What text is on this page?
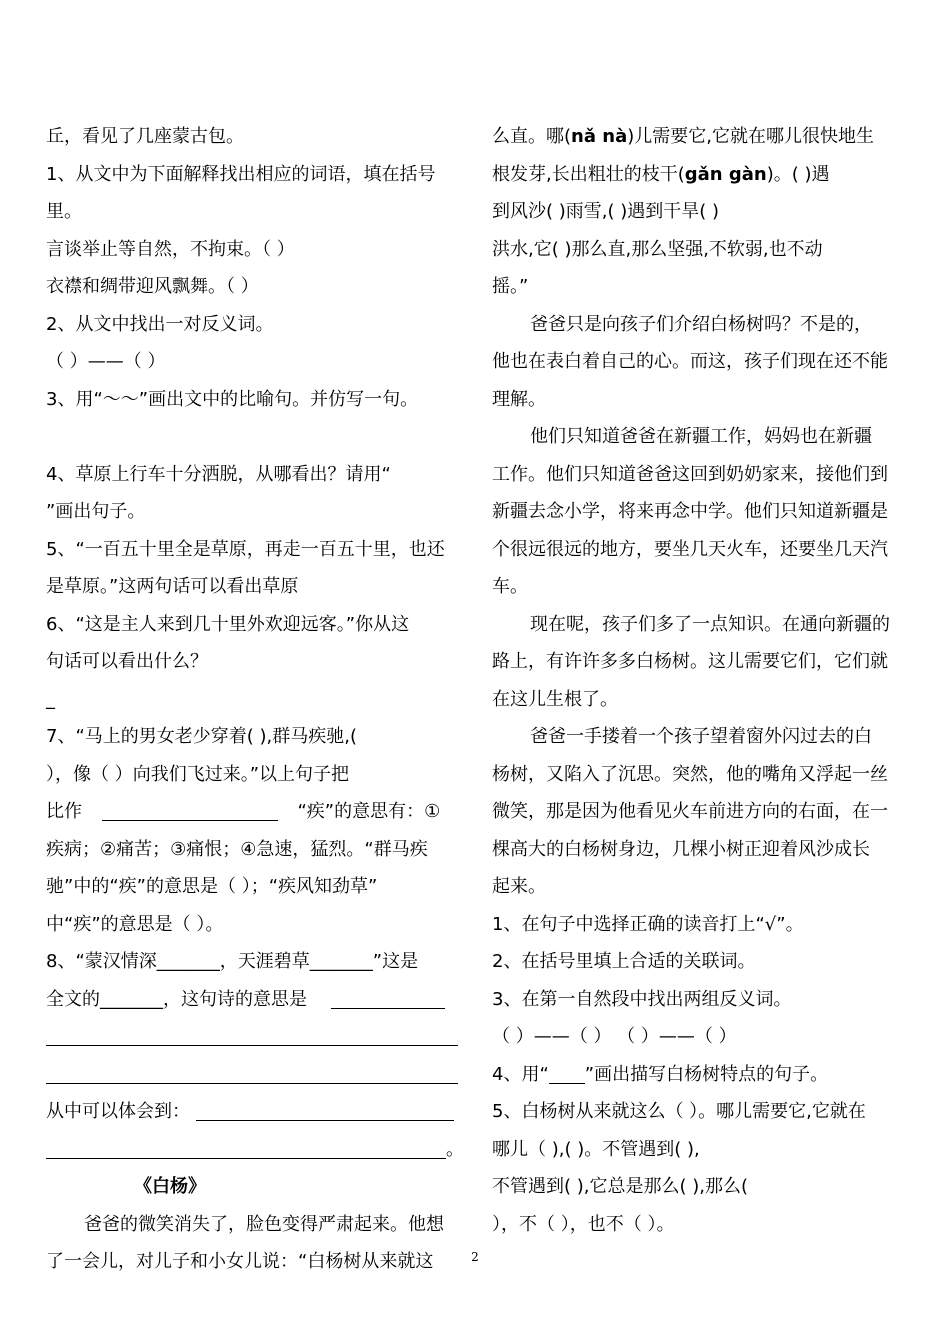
丘，看见了几座蒙古包。
1、从文中为下面解释找出相应的词语，填在括号
里。
言谈举止等自然，不拘束。（ ）
衣襟和绸带迎风飘舞。（ ）
2、从文中找出一对反义词。
（ ）——（ ）
3、用“～～”画出文中的比喻句。并仿写一句。
4、草原上行车十分洒脱，从哪看出？请用“
”画出句子。
5、“一百五十里全是草原，再走一百五十里，也还
是草原。”这两句话可以看出草原
6、“这是主人来到几十里外欢迎远客。”你从这
句话可以看出什么？
_
7、“马上的男女老少穿着( ),群马疾驰,(
），像（ ）向我们飞过来。”以上句子把
比作	“疾”的意思有：①
疾病；②痛苦；③痛恨；④急速，猛烈。“群马疾
驰”中的“疾”的意思是（ ）；“疾风知劲草”
中“疾”的意思是（ ）。
8、“蒙汉情深_______，天涯碧草_______”这是
全文的_______，这句诗的意思是
从中可以体会到：
。
《白杨》
爸爸的微笑消失了，脸色变得严肃起来。他想
了一会儿，对儿子和小女儿说：“白杨树从来就这
么直。哪(nǎ nà)儿需要它,它就在哪儿很快地生
根发芽,长出粗壮的枝干(gǎn gàn)。( )遇
到风沙( )雨雪,( )遇到干旱( )
洪水,它( )那么直,那么坚强,不软弱,也不动
摇。”
爸爸只是向孩子们介绍白杨树吗？不是的，
他也在表白着自己的心。而这，孩子们现在还不能
理解。
他们只知道爸爸在新疆工作，妈妈也在新疆
工作。他们只知道爸爸这回到奶奶家来，接他们到
新疆去念小学，将来再念中学。他们只知道新疆是
个很远很远的地方，要坐几天火车，还要坐几天汽
车。
现在呢，孩子们多了一点知识。在通向新疆的
路上，有许许多多白杨树。这儿需要它们，它们就
在这儿生根了。
爸爸一手搂着一个孩子望着窗外闪过去的白
杨树，又陷入了沉思。突然，他的嘴角又浮起一丝
微笑，那是因为他看见火车前进方向的右面，在一
棵高大的白杨树身边，几棵小树正迎着风沙成长
起来。
1、在句子中选择正确的读音打上“√”。
2、在括号里填上合适的关联词。
3、在第一自然段中找出两组反义词。
（ ）——（ ） （ ）——（ ）
4、用“ ”画出描写白杨树特点的句子。
5、白杨树从来就这么（ ）。哪儿需要它,它就在
哪儿（ ),( )。不管遇到( ),
不管遇到( ),它总是那么( ),那么(
），不（ ），也不（ ）。
2
